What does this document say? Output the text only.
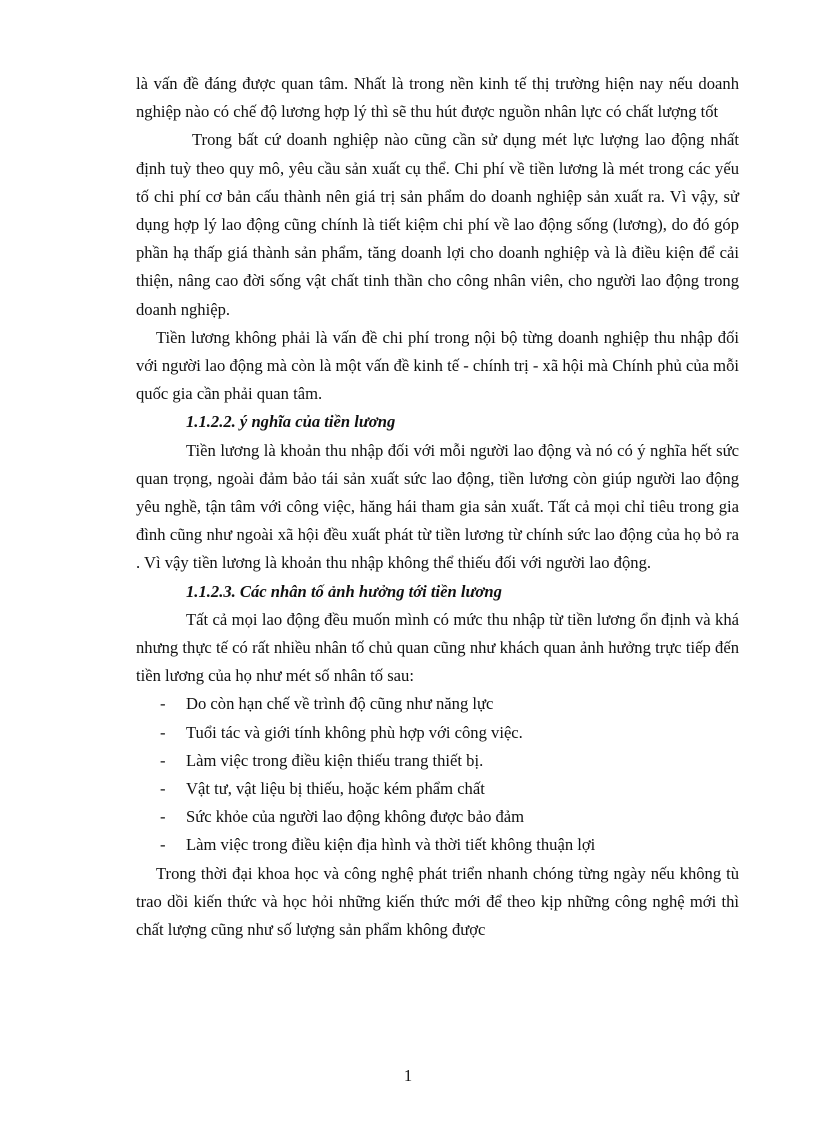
là vấn đề đáng được quan tâm. Nhất là trong nền kinh tế thị trường hiện nay nếu doanh nghiệp nào có chế độ lương hợp lý thì sẽ thu hút được nguồn nhân lực có chất lượng tốt

Trong bất cứ doanh nghiệp nào cũng cần sử dụng mét lực lượng lao động nhất định tuỳ theo quy mô, yêu cầu sản xuất cụ thể. Chi phí về tiền lương là mét trong các yếu tố chi phí cơ bản cấu thành nên giá trị sản phẩm do doanh nghiệp sản xuất ra. Vì vậy, sử dụng hợp lý lao động cũng chính là tiết kiệm chi phí về lao động sống (lương), do đó góp phần hạ thấp giá thành sản phẩm, tăng doanh lợi cho doanh nghiệp và là điều kiện để cải thiện, nâng cao đời sống vật chất tinh thần cho công nhân viên, cho người lao động trong doanh nghiệp.

Tiền lương không phải là vấn đề chi phí trong nội bộ từng doanh nghiệp thu nhập đối với người lao động mà còn là một vấn đề kinh tế - chính trị - xã hội mà Chính phủ của mỗi quốc gia cần phải quan tâm.

1.1.2.2. ý nghĩa của tiền lương

Tiền lương là khoản thu nhập đối với mỗi người lao động và nó có ý nghĩa hết sức quan trọng, ngoài đảm bảo tái sản xuất sức lao động, tiền lương còn giúp người lao động yêu nghề, tận tâm với công việc, hăng hái tham gia sản xuất. Tất cả mọi chỉ tiêu trong gia đình cũng như ngoài xã hội đều xuất phát từ tiền lương từ chính sức lao động của họ bỏ ra . Vì vậy tiền lương là khoản thu nhập không thể thiếu đối với người lao động.

1.1.2.3. Các nhân tố ảnh hưởng tới tiền lương

Tất cả mọi lao động đều muốn mình có mức thu nhập từ tiền lương ổn định và khá nhưng thực tế có rất nhiều nhân tố chủ quan cũng như khách quan ảnh hưởng trực tiếp đến tiền lương của họ như mét số nhân tố sau:

- Do còn hạn chế về trình độ cũng như năng lực
- Tuổi tác và giới tính không phù hợp với công việc.
- Làm việc trong điều kiện thiếu trang thiết bị.
- Vật tư, vật liệu bị thiếu, hoặc kém phẩm chất
- Sức khỏe của người lao động không được bảo đảm
- Làm việc trong điều kiện địa hình và thời tiết không thuận lợi

Trong thời đại khoa học và công nghệ phát triển nhanh chóng từng ngày nếu không tù trao dồi kiến thức và học hỏi những kiến thức mới để theo kịp những công nghệ mới thì chất lượng cũng như số lượng sản phẩm không được

1
